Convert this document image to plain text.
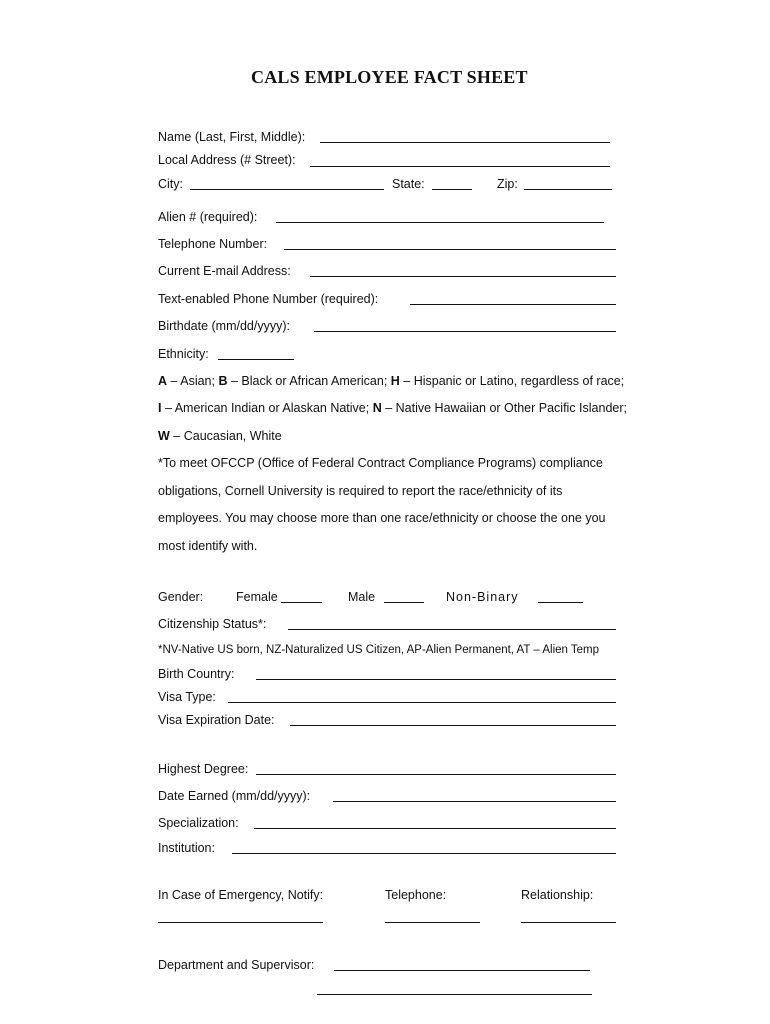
CALS EMPLOYEE FACT SHEET
Name (Last, First, Middle):
Local Address (# Street):
City:	State:	Zip:
Alien # (required):
Telephone Number:
Current E-mail Address:
Text-enabled Phone Number (required):
Birthdate (mm/dd/yyyy):
Ethnicity:
A – Asian; B – Black or African American; H – Hispanic or Latino, regardless of race;
I – American Indian or Alaskan Native; N – Native Hawaiian or Other Pacific Islander;
W – Caucasian, White
*To meet OFCCP (Office of Federal Contract Compliance Programs) compliance
obligations, Cornell University is required to report the race/ethnicity of its
employees. You may choose more than one race/ethnicity or choose the one you
most identify with.
Gender:	Female	Male	Non-Binary
Citizenship Status*:
*NV-Native US born, NZ-Naturalized US Citizen, AP-Alien Permanent, AT – Alien Temp
Birth Country:
Visa Type:
Visa Expiration Date:
Highest Degree:
Date Earned (mm/dd/yyyy):
Specialization:
Institution:
In Case of Emergency, Notify:	Telephone:	Relationship:
Department and Supervisor:
